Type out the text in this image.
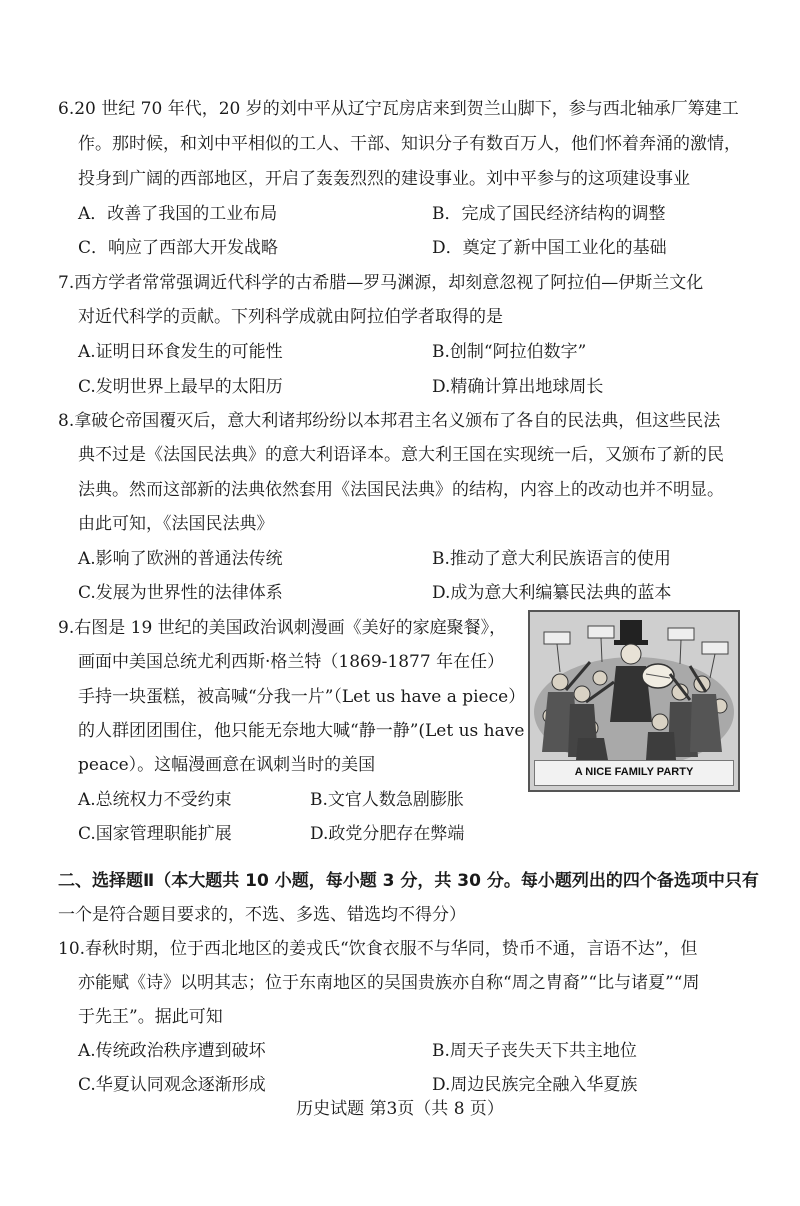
6.20 世纪 70 年代，20 岁的刘中平从辽宁瓦房店来到贺兰山脚下，参与西北轴承厂筹建工
作。那时候，和刘中平相似的工人、干部、知识分子有数百万人，他们怀着奔涌的激情，
投身到广阔的西部地区，开启了轰轰烈烈的建设事业。刘中平参与的这项建设事业
A．改善了我国的工业布局	B．完成了国民经济结构的调整
C．响应了西部大开发战略	D．奠定了新中国工业化的基础
7.西方学者常常强调近代科学的古希腊—罗马渊源，却刻意忽视了阿拉伯—伊斯兰文化
对近代科学的贡献。下列科学成就由阿拉伯学者取得的是
A.证明日环食发生的可能性	B.创制“阿拉伯数字”
C.发明世界上最早的太阳历	D.精确计算出地球周长
8.拿破仑帝国覆灭后，意大利诸邦纷纷以本邦君主名义颁布了各自的民法典，但这些民法
典不过是《法国民法典》的意大利语译本。意大利王国在实现统一后，又颁布了新的民
法典。然而这部新的法典依然套用《法国民法典》的结构，内容上的改动也并不明显。
由此可知，《法国民法典》
A.影响了欧洲的普通法传统	B.推动了意大利民族语言的使用
C.发展为世界性的法律体系	D.成为意大利编纂民法典的蓝本
9.右图是 19 世纪的美国政治讽刺漫画《美好的家庭聚餐》，
画面中美国总统尤利西斯·格兰特（1869-1877 年在任）
手持一块蛋糕，被高喊“分我一片”（Let us have a piece）
的人群团团围住，他只能无奈地大喊“静一静”(Let us have
peace）。这幅漫画意在讽刺当时的美国
A.总统权力不受约束	B.文官人数急剧膨胀
C.国家管理职能扩展	D.政党分肥存在弊端
A NICE FAMILY PARTY
二、选择题Ⅱ（本大题共 10 小题，每小题 3 分，共 30 分。每小题列出的四个备选项中只有
一个是符合题目要求的，不选、多选、错选均不得分）
10.春秋时期，位于西北地区的姜戎氏“饮食衣服不与华同，贽币不通，言语不达”，但
亦能赋《诗》以明其志；位于东南地区的吴国贵族亦自称“周之胄裔”“比与诸夏”“周
于先王”。据此可知
A.传统政治秩序遭到破坏	B.周天子丧失天下共主地位
C.华夏认同观念逐渐形成	D.周边民族完全融入华夏族
历史试题 第3页（共 8 页）
